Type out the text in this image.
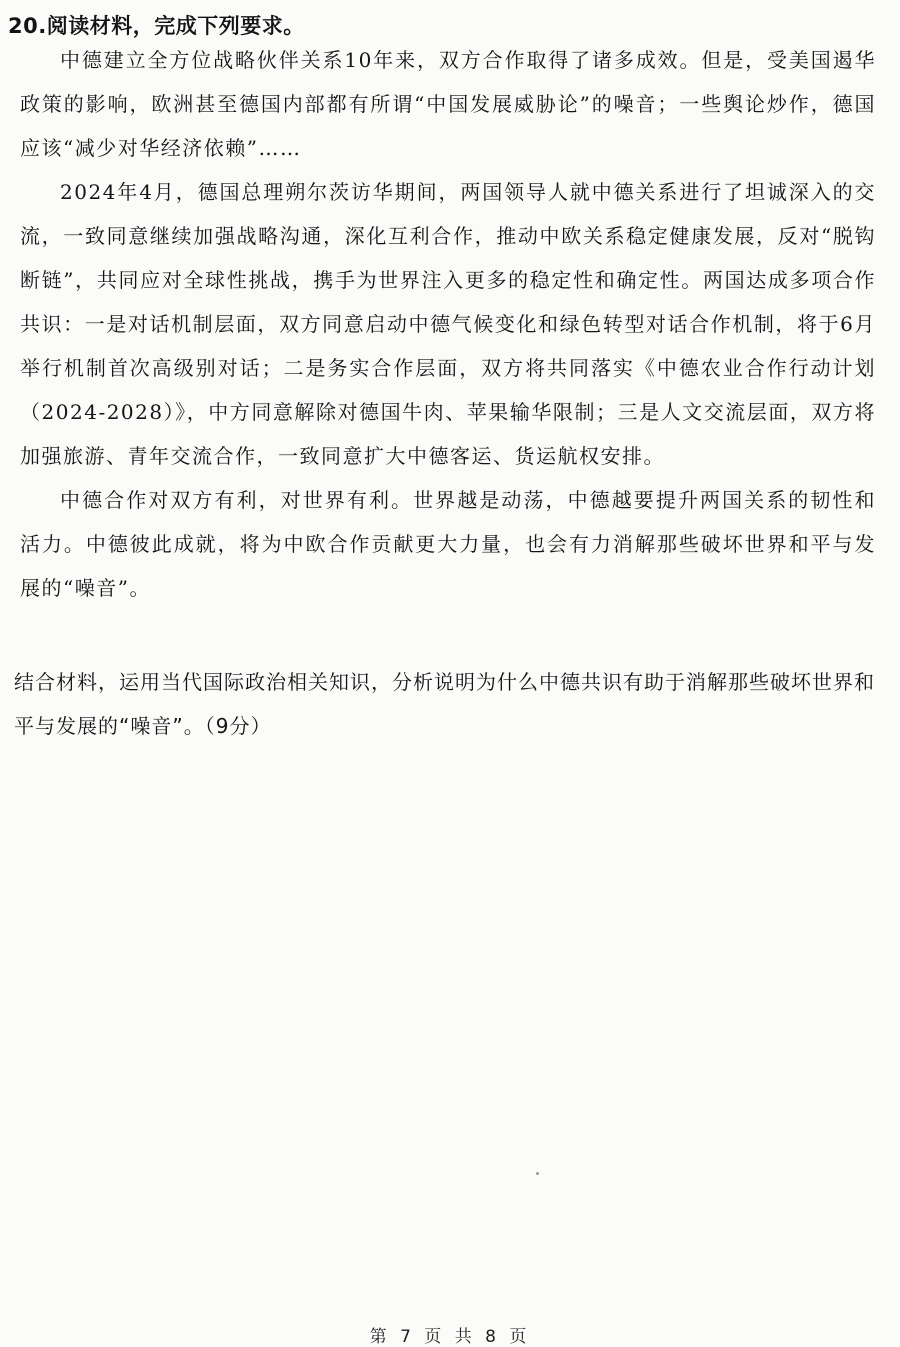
20.阅读材料，完成下列要求。

中德建立全方位战略伙伴关系10年来，双方合作取得了诸多成效。但是，受美国遏华政策的影响，欧洲甚至德国内部都有所谓“中国发展威胁论”的噪音；一些舆论炒作，德国应该“减少对华经济依赖”……

2024年4月，德国总理朔尔茨访华期间，两国领导人就中德关系进行了坦诚深入的交流，一致同意继续加强战略沟通，深化互利合作，推动中欧关系稳定健康发展，反对“脱钩断链”，共同应对全球性挑战，携手为世界注入更多的稳定性和确定性。两国达成多项合作共识：一是对话机制层面，双方同意启动中德气候变化和绿色转型对话合作机制，将于6月举行机制首次高级别对话；二是务实合作层面，双方将共同落实《中德农业合作行动计划（2024-2028）》，中方同意解除对德国牛肉、苹果输华限制；三是人文交流层面，双方将加强旅游、青年交流合作，一致同意扩大中德客运、货运航权安排。

中德合作对双方有利，对世界有利。世界越是动荡，中德越要提升两国关系的韧性和活力。中德彼此成就，将为中欧合作贡献更大力量，也会有力消解那些破坏世界和平与发展的“噪音”。

结合材料，运用当代国际政治相关知识，分析说明为什么中德共识有助于消解那些破坏世界和平与发展的“噪音”。（9分）

第 7 页 共 8 页
